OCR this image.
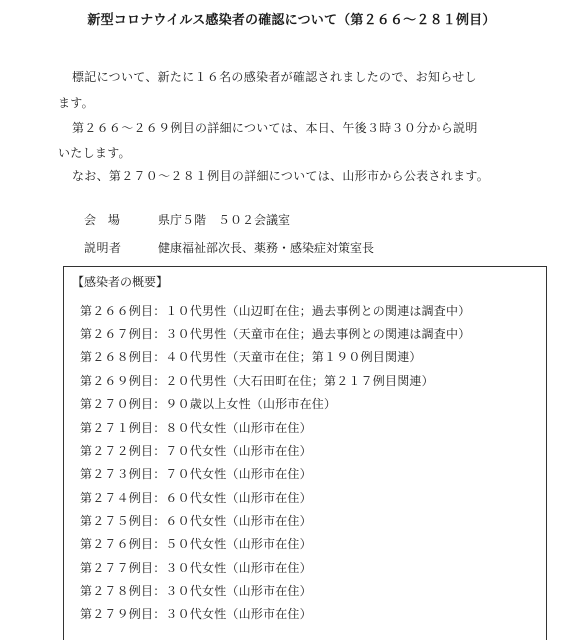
新型コロナウイルス感染者の確認について（第２６６～２８１例目）
標記について、新たに１６名の感染者が確認されましたので、お知らせし
ます。
第２６６～２６９例目の詳細については、本日、午後３時３０分から説明
いたします。
なお、第２７０～２８１例目の詳細については、山形市から公表されます。
会 場	県庁５階　５０２会議室
説明者	健康福祉部次長、薬務・感染症対策室長
【感染者の概要】
第２６６例目：１０代男性（山辺町在住；過去事例との関連は調査中）
第２６７例目：３０代男性（天童市在住；過去事例との関連は調査中）
第２６８例目：４０代男性（天童市在住；第１９０例目関連）
第２６９例目：２０代男性（大石田町在住；第２１７例目関連）
第２７０例目：９０歳以上女性（山形市在住）
第２７１例目：８０代女性（山形市在住）
第２７２例目：７０代女性（山形市在住）
第２７３例目：７０代女性（山形市在住）
第２７４例目：６０代女性（山形市在住）
第２７５例目：６０代女性（山形市在住）
第２７６例目：５０代女性（山形市在住）
第２７７例目：３０代女性（山形市在住）
第２７８例目：３０代女性（山形市在住）
第２７９例目：３０代女性（山形市在住）
